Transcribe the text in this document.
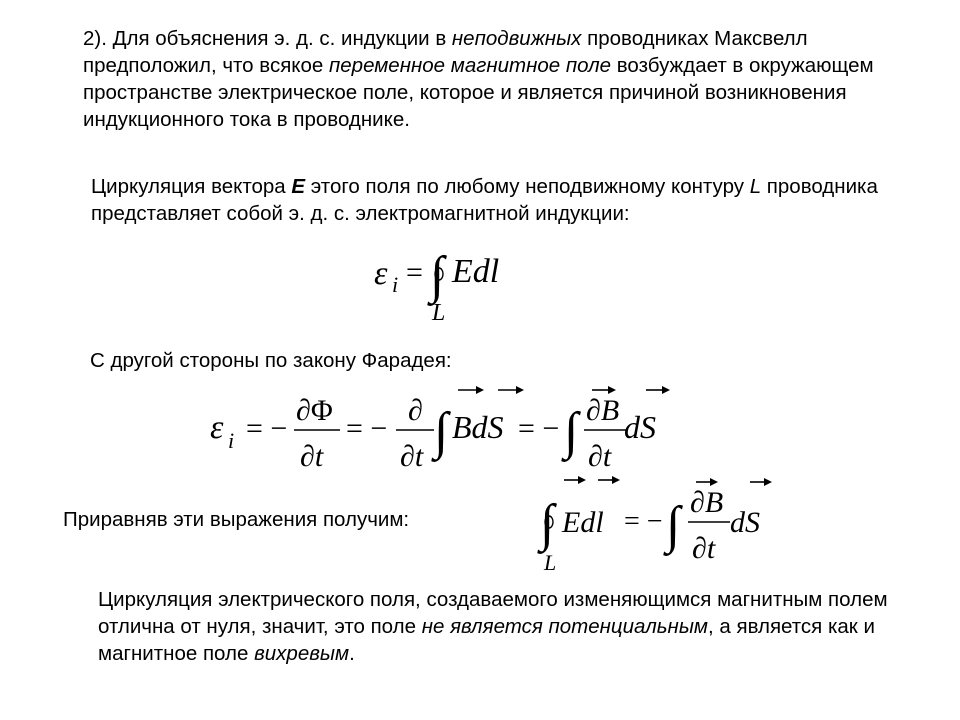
2). Для объяснения э. д. с. индукции в неподвижных проводниках Максвелл предположил, что всякое переменное магнитное поле возбуждает в окружающем пространстве электрическое поле, которое и является причиной возникновения индукционного тока в проводнике.

Циркуляция вектора E этого поля по любому неподвижному контуру L проводника представляет собой э. д. с. электромагнитной индукции:

ε i = ∫ Edl
L

С другой стороны по закону Фарадея:

ε i = −
∂Φ
∂t
= −
∂
∂t ∫ BdS = − ∫ ∂B
∂t
dS

Приравняв эти выражения получим:	∫ Edl = − ∫ ∂B
∂t
dS
L

Циркуляция электрического поля, создаваемого изменяющимся магнитным полем отлична от нуля, значит, это поле не является потенциальным, а является как и магнитное поле вихревым.
